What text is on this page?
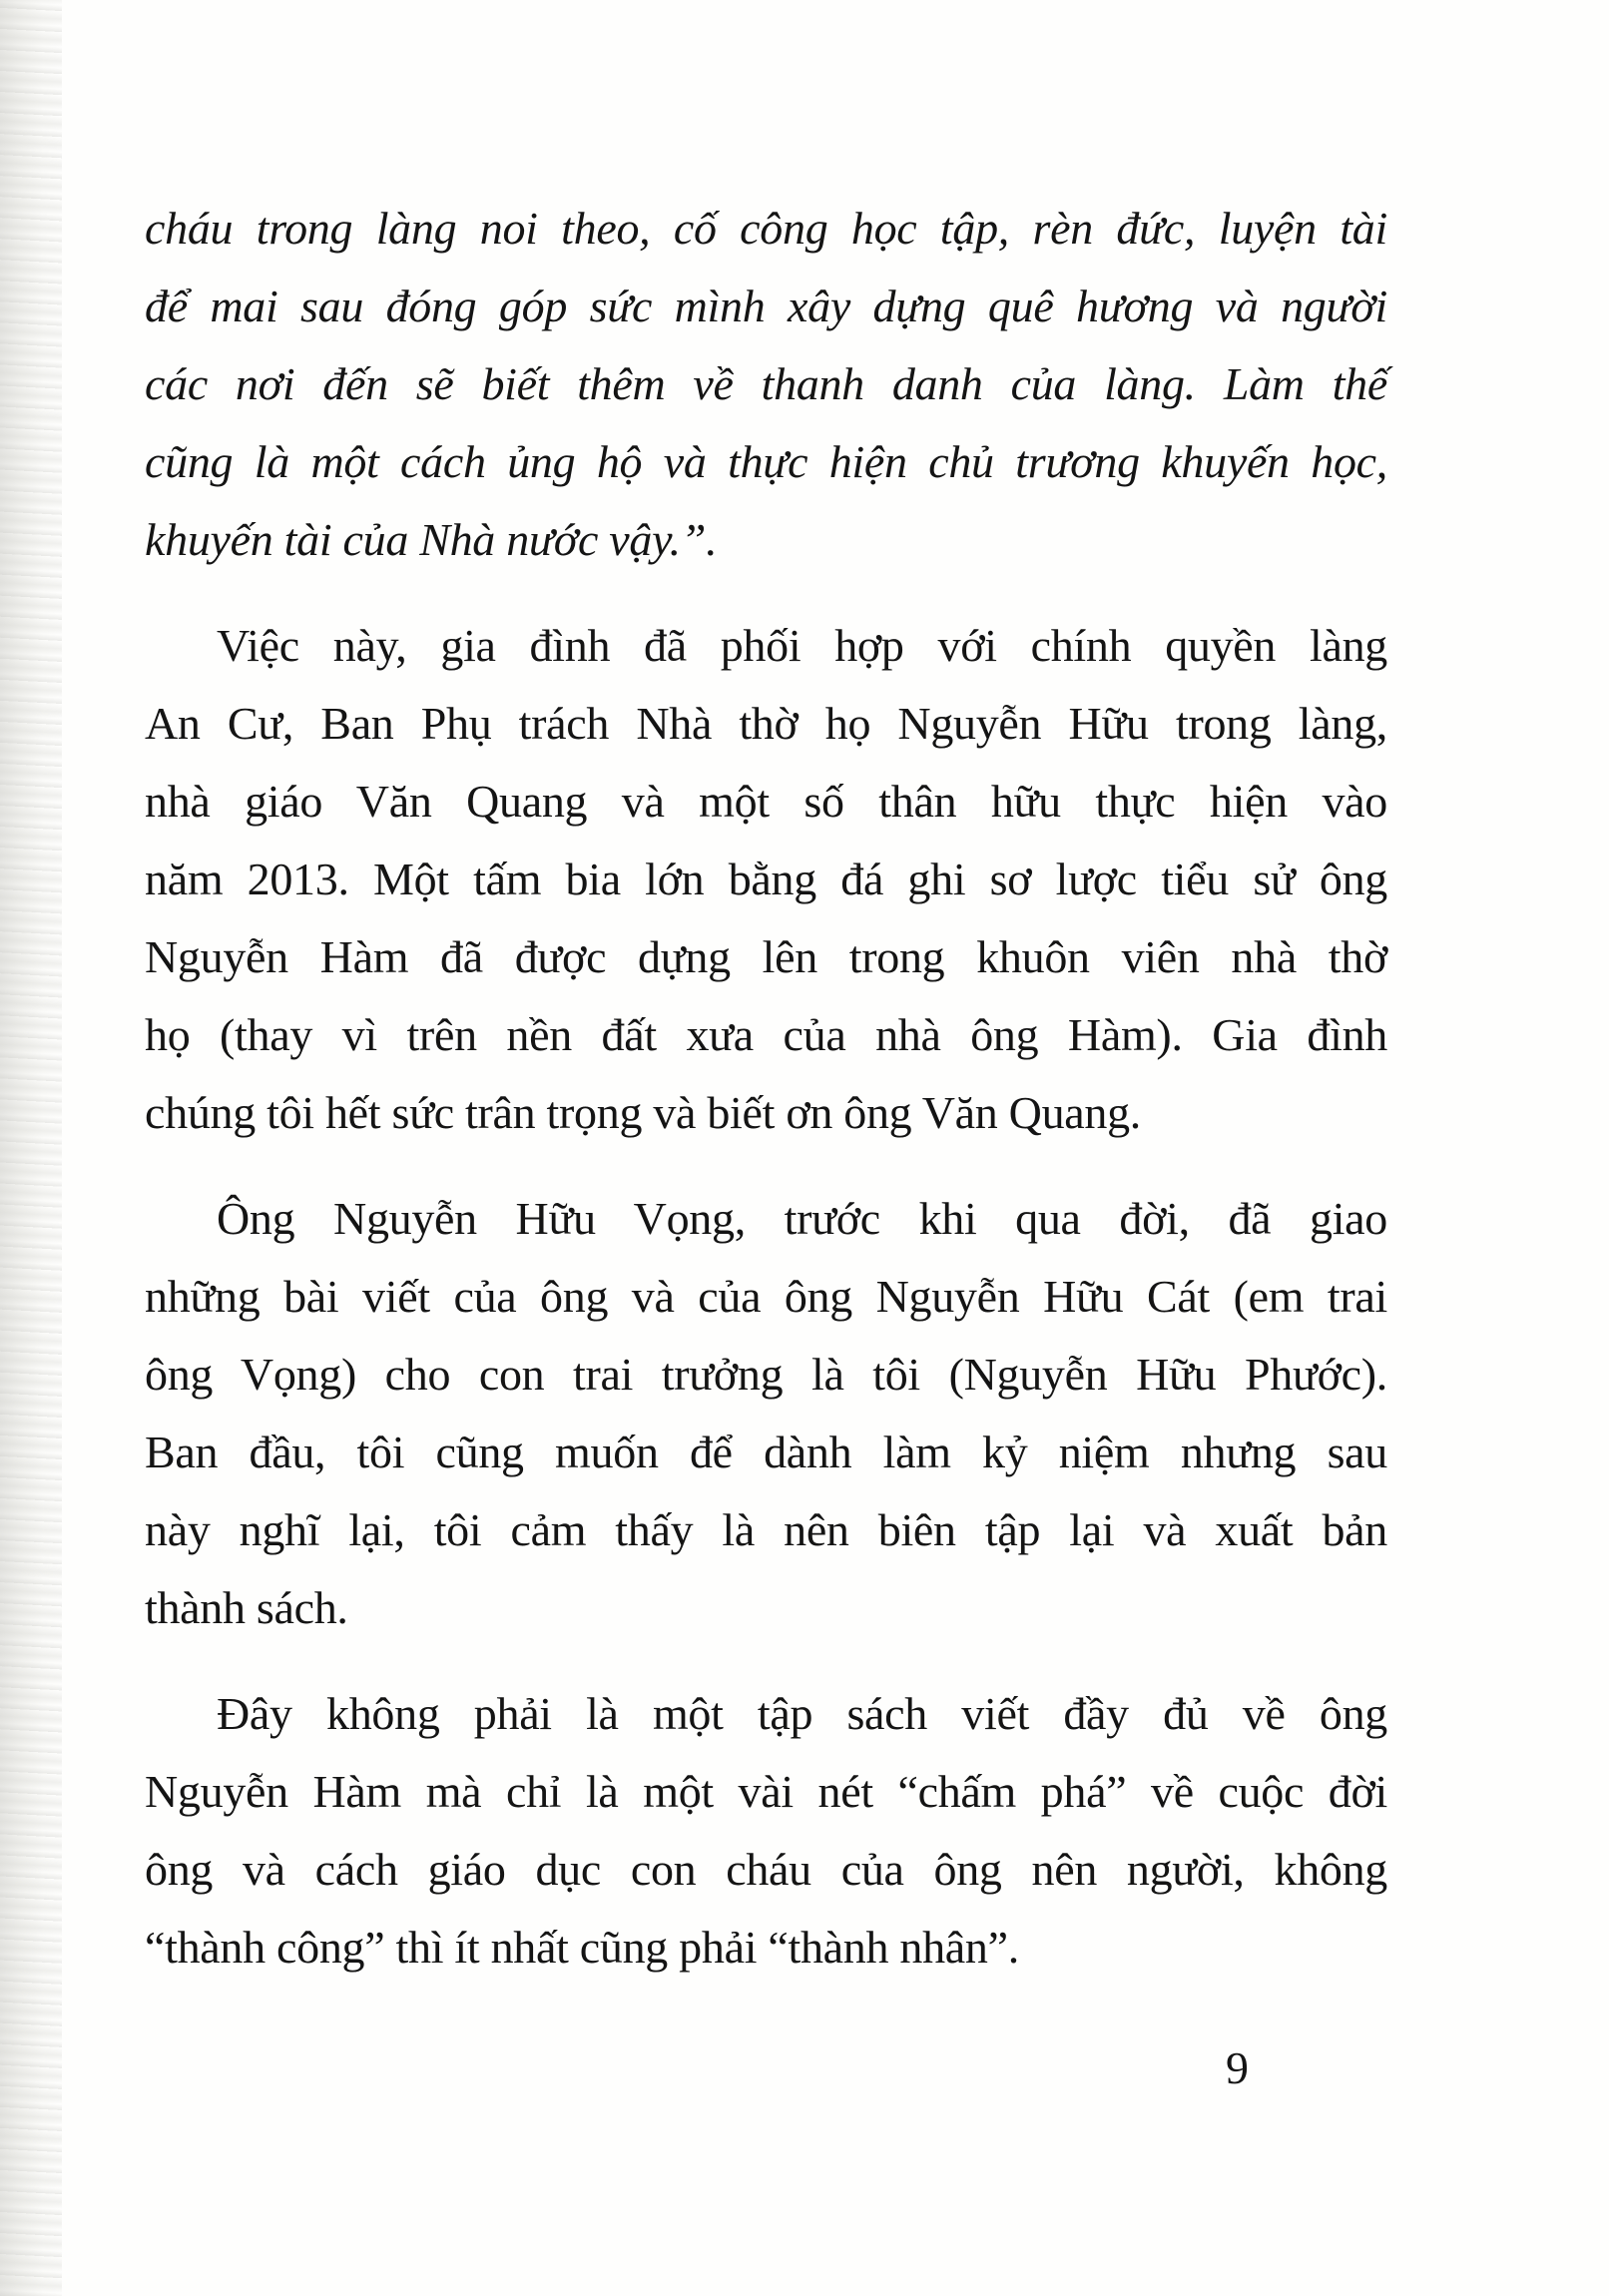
cháu trong làng noi theo, cố công học tập, rèn đức, luyện tài
để mai sau đóng góp sức mình xây dựng quê hương và người
các nơi đến sẽ biết thêm về thanh danh của làng. Làm thế
cũng là một cách ủng hộ và thực hiện chủ trương khuyến học,
khuyến tài của Nhà nước vậy.”.
Việc này, gia đình đã phối hợp với chính quyền làng
An Cư, Ban Phụ trách Nhà thờ họ Nguyễn Hữu trong làng,
nhà giáo Văn Quang và một số thân hữu thực hiện vào
năm 2013. Một tấm bia lớn bằng đá ghi sơ lược tiểu sử ông
Nguyễn Hàm đã được dựng lên trong khuôn viên nhà thờ
họ (thay vì trên nền đất xưa của nhà ông Hàm). Gia đình
chúng tôi hết sức trân trọng và biết ơn ông Văn Quang.
Ông Nguyễn Hữu Vọng, trước khi qua đời, đã giao
những bài viết của ông và của ông Nguyễn Hữu Cát (em trai
ông Vọng) cho con trai trưởng là tôi (Nguyễn Hữu Phước).
Ban đầu, tôi cũng muốn để dành làm kỷ niệm nhưng sau
này nghĩ lại, tôi cảm thấy là nên biên tập lại và xuất bản
thành sách.
Đây không phải là một tập sách viết đầy đủ về ông
Nguyễn Hàm mà chỉ là một vài nét “chấm phá” về cuộc đời
ông và cách giáo dục con cháu của ông nên người, không
“thành công” thì ít nhất cũng phải “thành nhân”.
9
